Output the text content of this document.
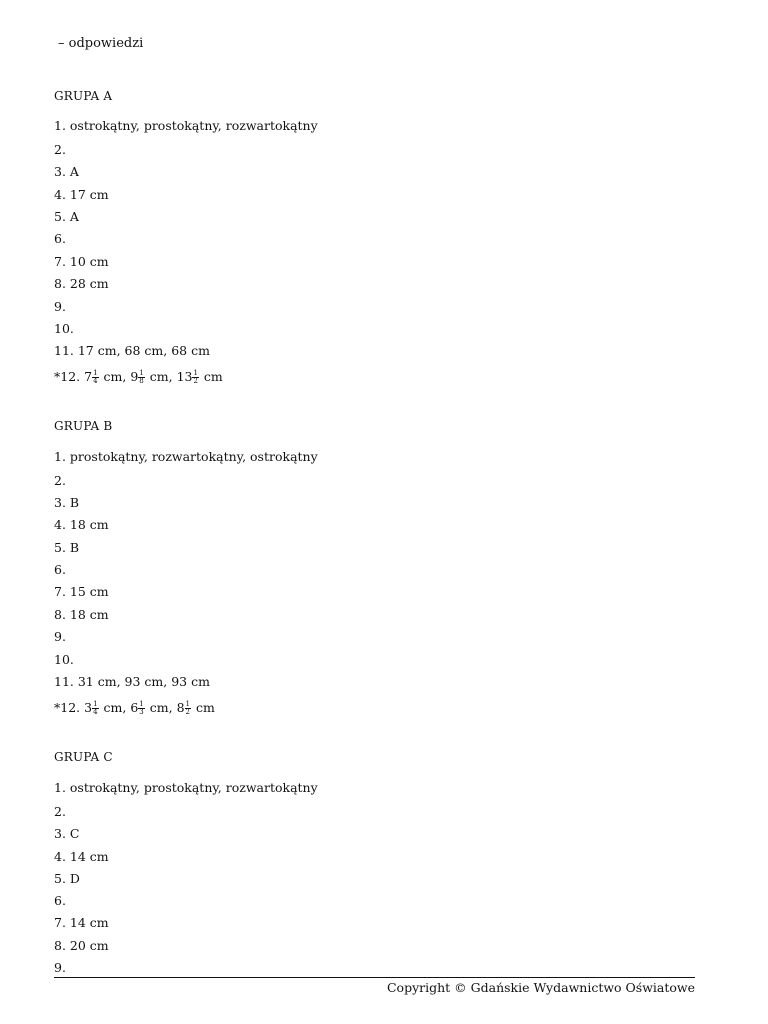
– odpowiedzi
GRUPA A
1. ostrokątny, prostokątny, rozwartokątny
2.
3. A
4. 17 cm
5. A
6.
7. 10 cm
8. 28 cm
9.
10.
11. 17 cm, 68 cm, 68 cm
*12. $7 \frac{1}{4}$ cm, $9 \frac{1}{8}$ cm, $13 \frac{1}{2}$ cm
GRUPA B
1. prostokątny, rozwartokątny, ostrokątny
2.
3. B
4. 18 cm
5. B
6.
7. 15 cm
8. 18 cm
9.
10.
11. 31 cm, 93 cm, 93 cm
*12. $3 \frac{1}{4}$ cm, $6 \frac{1}{3}$ cm, $8 \frac{1}{2}$ cm
GRUPA C
1. ostrokątny, prostokątny, rozwartokątny
2.
3. C
4. 14 cm
5. D
6.
7. 14 cm
8. 20 cm
9.
Copyright © Gdańskie Wydawnictwo Oświatowe
